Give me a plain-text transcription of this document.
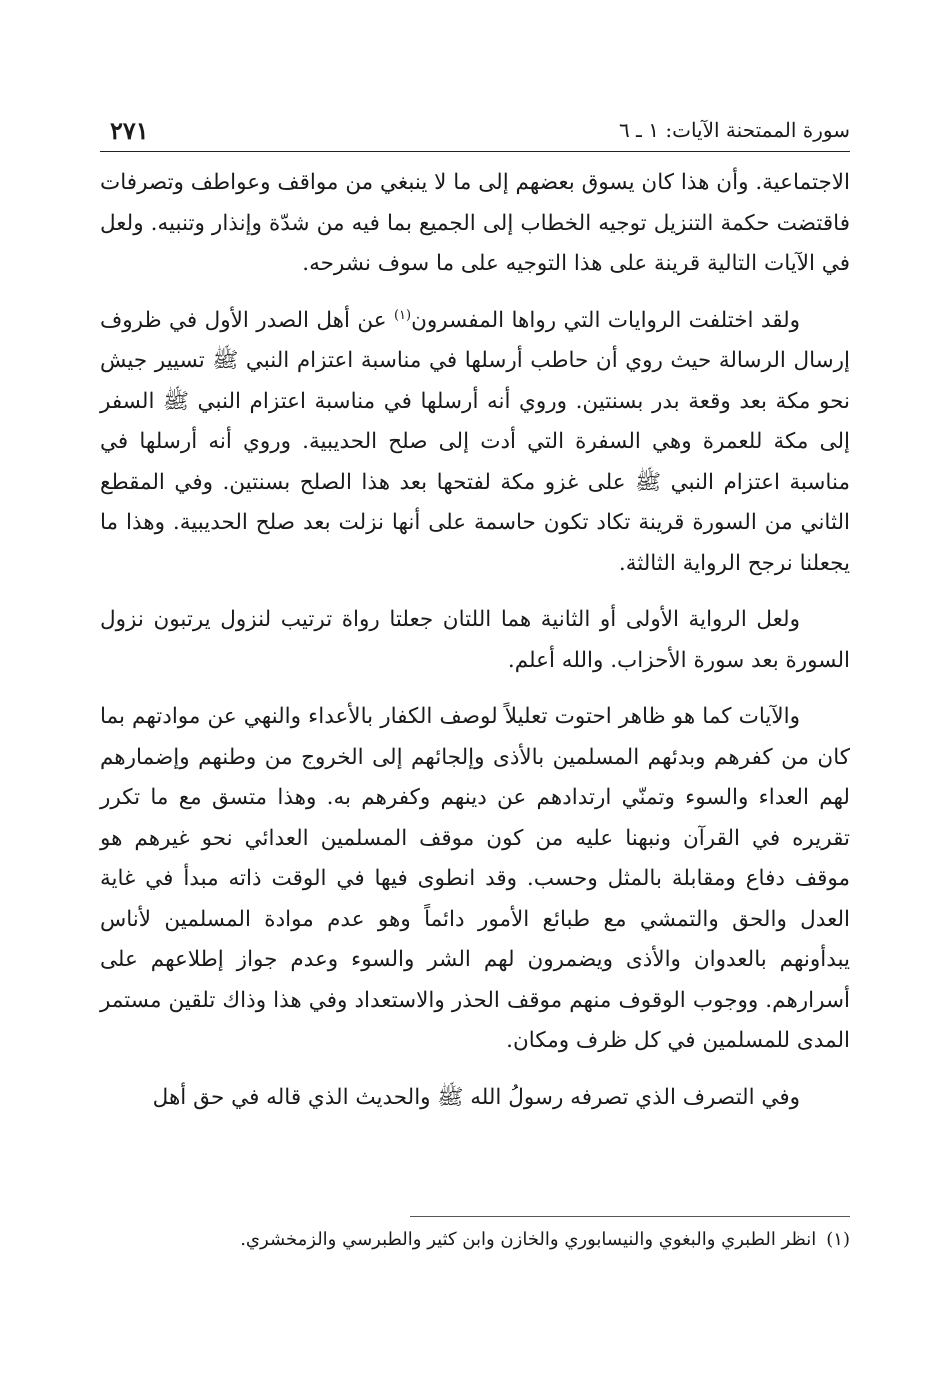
سورة الممتحنة الآيات: ١ ـ ٦
٢٧١

الاجتماعية. وأن هذا كان يسوق بعضهم إلى ما لا ينبغي من مواقف وعواطف وتصرفات فاقتضت حكمة التنزيل توجيه الخطاب إلى الجميع بما فيه من شدّة وإنذار وتنبيه. ولعل في الآيات التالية قرينة على هذا التوجيه على ما سوف نشرحه.

ولقد اختلفت الروايات التي رواها المفسرون$^{(١)}$ عن أهل الصدر الأول في ظروف إرسال الرسالة حيث روي أن حاطب أرسلها في مناسبة اعتزام النبي ﷺ تسيير جيش نحو مكة بعد وقعة بدر بسنتين. وروي أنه أرسلها في مناسبة اعتزام النبي ﷺ السفر إلى مكة للعمرة وهي السفرة التي أدت إلى صلح الحديبية. وروي أنه أرسلها في مناسبة اعتزام النبي ﷺ على غزو مكة لفتحها بعد هذا الصلح بسنتين. وفي المقطع الثاني من السورة قرينة تكاد تكون حاسمة على أنها نزلت بعد صلح الحديبية. وهذا ما يجعلنا نرجح الرواية الثالثة.

ولعل الرواية الأولى أو الثانية هما اللتان جعلتا رواة ترتيب لنزول يرتبون نزول السورة بعد سورة الأحزاب. والله أعلم.

والآيات كما هو ظاهر احتوت تعليلاً لوصف الكفار بالأعداء والنهي عن موادتهم بما كان من كفرهم وبدئهم المسلمين بالأذى وإلجائهم إلى الخروج من وطنهم وإضمارهم لهم العداء والسوء وتمنّي ارتدادهم عن دينهم وكفرهم به. وهذا متسق مع ما تكرر تقريره في القرآن ونبهنا عليه من كون موقف المسلمين العدائي نحو غيرهم هو موقف دفاع ومقابلة بالمثل وحسب. وقد انطوى فيها في الوقت ذاته مبدأ في غاية العدل والحق والتمشي مع طبائع الأمور دائماً وهو عدم موادة المسلمين لأناس يبدأونهم بالعدوان والأذى ويضمرون لهم الشر والسوء وعدم جواز إطلاعهم على أسرارهم. ووجوب الوقوف منهم موقف الحذر والاستعداد وفي هذا وذاك تلقين مستمر المدى للمسلمين في كل ظرف ومكان.

وفي التصرف الذي تصرفه رسولُ الله ﷺ والحديث الذي قاله في حق أهل

(١)انظر الطبري والبغوي والنيسابوري والخازن وابن كثير والطبرسي والزمخشري.
